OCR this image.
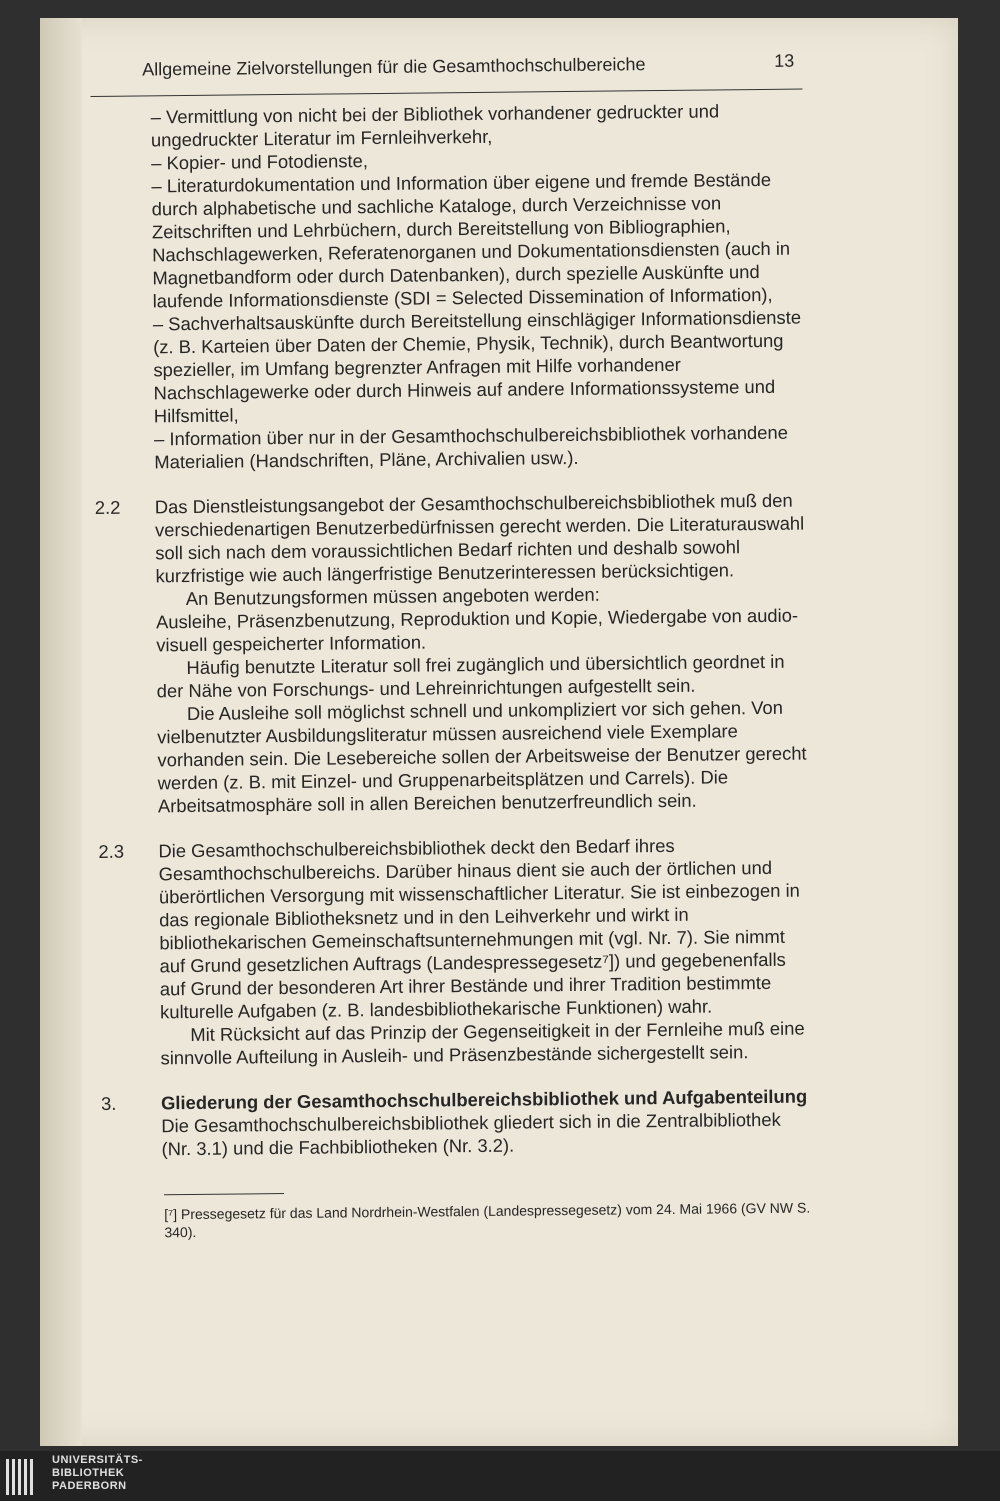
Allgemeine Zielvorstellungen für die Gesamthochschulbereiche	13

– Vermittlung von nicht bei der Bibliothek vorhandener gedruckter und ungedruckter Literatur im Fernleihverkehr,

– Kopier- und Fotodienste,

– Literaturdokumentation und Information über eigene und fremde Bestände durch alphabetische und sachliche Kataloge, durch Verzeichnisse von Zeitschriften und Lehrbüchern, durch Bereitstellung von Bibliographien, Nachschlagewerken, Referatenorganen und Dokumentationsdiensten (auch in Magnetbandform oder durch Datenbanken), durch spezielle Auskünfte und laufende Informationsdienste (SDI = Selected Dissemination of Information),

– Sachverhaltsauskünfte durch Bereitstellung einschlägiger Informationsdienste (z. B. Karteien über Daten der Chemie, Physik, Technik), durch Beantwortung spezieller, im Umfang begrenzter Anfragen mit Hilfe vorhandener Nachschlagewerke oder durch Hinweis auf andere Informationssysteme und Hilfsmittel,

– Information über nur in der Gesamthochschulbereichsbibliothek vorhandene Materialien (Handschriften, Pläne, Archivalien usw.).

2.2 Das Dienstleistungsangebot der Gesamthochschulbereichsbibliothek muß den verschiedenartigen Benutzerbedürfnissen gerecht werden. Die Literaturauswahl soll sich nach dem voraussichtlichen Bedarf richten und deshalb sowohl kurzfristige wie auch längerfristige Benutzerinteressen berücksichtigen.

An Benutzungsformen müssen angeboten werden:

Ausleihe, Präsenzbenutzung, Reproduktion und Kopie, Wiedergabe von audio-visuell gespeicherter Information.

Häufig benutzte Literatur soll frei zugänglich und übersichtlich geordnet in der Nähe von Forschungs- und Lehreinrichtungen aufgestellt sein.

Die Ausleihe soll möglichst schnell und unkompliziert vor sich gehen. Von vielbenutzter Ausbildungsliteratur müssen ausreichend viele Exemplare vorhanden sein. Die Lesebereiche sollen der Arbeitsweise der Benutzer gerecht werden (z. B. mit Einzel- und Gruppenarbeitsplätzen und Carrels). Die Arbeitsatmosphäre soll in allen Bereichen benutzerfreundlich sein.

2.3 Die Gesamthochschulbereichsbibliothek deckt den Bedarf ihres Gesamthochschulbereichs. Darüber hinaus dient sie auch der örtlichen und überörtlichen Versorgung mit wissenschaftlicher Literatur. Sie ist einbezogen in das regionale Bibliotheksnetz und in den Leihverkehr und wirkt in bibliothekarischen Gemeinschaftsunternehmungen mit (vgl. Nr. 7). Sie nimmt auf Grund gesetzlichen Auftrags (Landespressegesetz⁷]) und gegebenenfalls auf Grund der besonderen Art ihrer Bestände und ihrer Tradition bestimmte kulturelle Aufgaben (z. B. landesbibliothekarische Funktionen) wahr.

Mit Rücksicht auf das Prinzip der Gegenseitigkeit in der Fernleihe muß eine sinnvolle Aufteilung in Ausleih- und Präsenzbestände sichergestellt sein.

3. Gliederung der Gesamthochschulbereichsbibliothek und Aufgabenteilung

Die Gesamthochschulbereichsbibliothek gliedert sich in die Zentralbibliothek (Nr. 3.1) und die Fachbibliotheken (Nr. 3.2).

[⁷] Pressegesetz für das Land Nordrhein-Westfalen (Landespressegesetz) vom 24. Mai 1966 (GV NW S. 340).
UNIVERSITÄTS-
BIBLIOTHEK
PADERBORN
